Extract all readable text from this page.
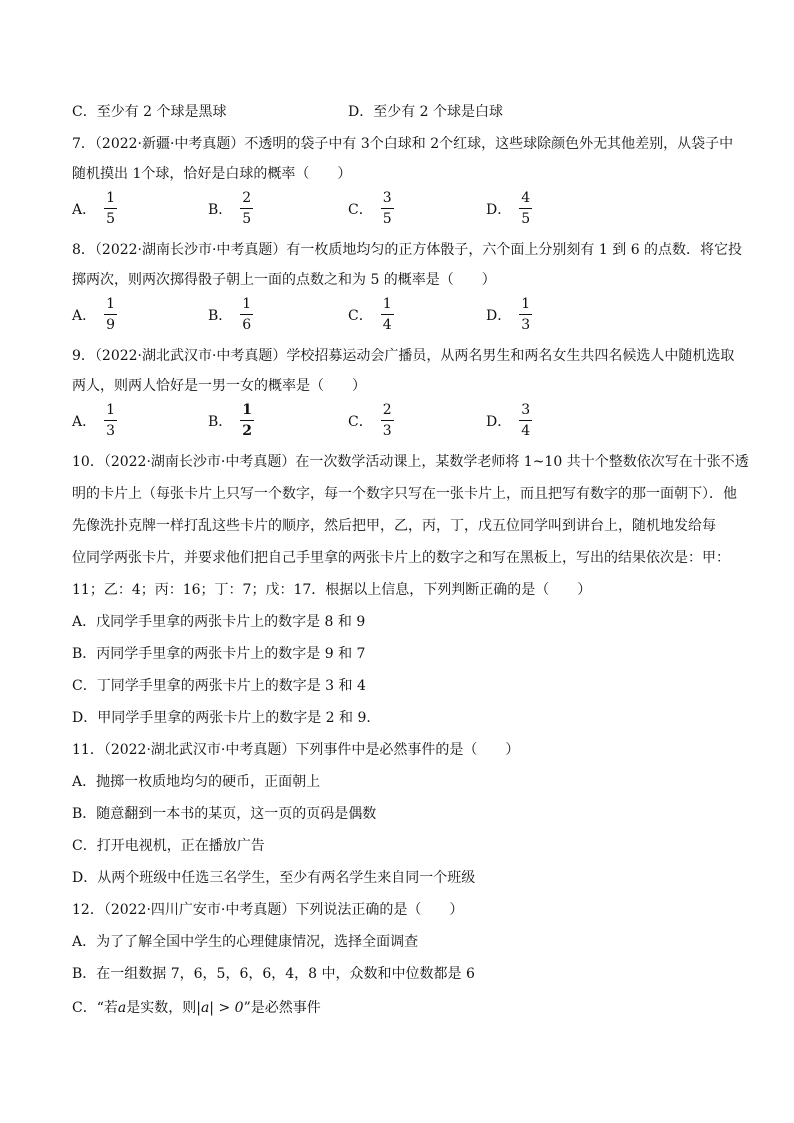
C．至少有 2 个球是黑球	D．至少有 2 个球是白球
7．（2022·新疆·中考真题）不透明的袋子中有 3个白球和 2个红球，这些球除颜色外无其他差别，从袋子中
随机摸出 1个球，恰好是白球的概率（　　）
A． $\frac{1}{5}$	B． $\frac{2}{5}$	C． $\frac{3}{5}$	D． $\frac{4}{5}$
8．（2022·湖南长沙市·中考真题）有一枚质地均匀的正方体骰子，六个面上分别刻有 1 到 6 的点数．将它投
掷两次，则两次掷得骰子朝上一面的点数之和为 5 的概率是（　　）
A． $\frac{1}{9}$	B． $\frac{1}{6}$	C． $\frac{1}{4}$	D． $\frac{1}{3}$
9．（2022·湖北武汉市·中考真题）学校招募运动会广播员，从两名男生和两名女生共四名候选人中随机选取
两人，则两人恰好是一男一女的概率是（　　）
A． $\frac{1}{3}$	B． $\frac{1}{2}$	C． $\frac{2}{3}$	D． $\frac{3}{4}$
10．（2022·湖南长沙市·中考真题）在一次数学活动课上，某数学老师将 1~10 共十个整数依次写在十张不透
明的卡片上（每张卡片上只写一个数字，每一个数字只写在一张卡片上，而且把写有数字的那一面朝下）．他
先像洗扑克牌一样打乱这些卡片的顺序，然后把甲，乙，丙，丁，戊五位同学叫到讲台上，随机地发给每
位同学两张卡片，并要求他们把自己手里拿的两张卡片上的数字之和写在黑板上，写出的结果依次是：甲：
11；乙：4；丙：16；丁：7；戊：17．根据以上信息，下列判断正确的是（　　）
A．戊同学手里拿的两张卡片上的数字是 8 和 9
B．丙同学手里拿的两张卡片上的数字是 9 和 7
C．丁同学手里拿的两张卡片上的数字是 3 和 4
D．甲同学手里拿的两张卡片上的数字是 2 和 9．
11．（2022·湖北武汉市·中考真题）下列事件中是必然事件的是（　　）
A．抛掷一枚质地均匀的硬币，正面朝上
B．随意翻到一本书的某页，这一页的页码是偶数
C．打开电视机，正在播放广告
D．从两个班级中任选三名学生，至少有两名学生来自同一个班级
12．（2022·四川广安市·中考真题）下列说法正确的是（　　）
A．为了了解全国中学生的心理健康情况，选择全面调查
B．在一组数据 7，6，5，6，6，4，8 中，众数和中位数都是 6
C．“若a是实数，则|a| > 0”是必然事件
